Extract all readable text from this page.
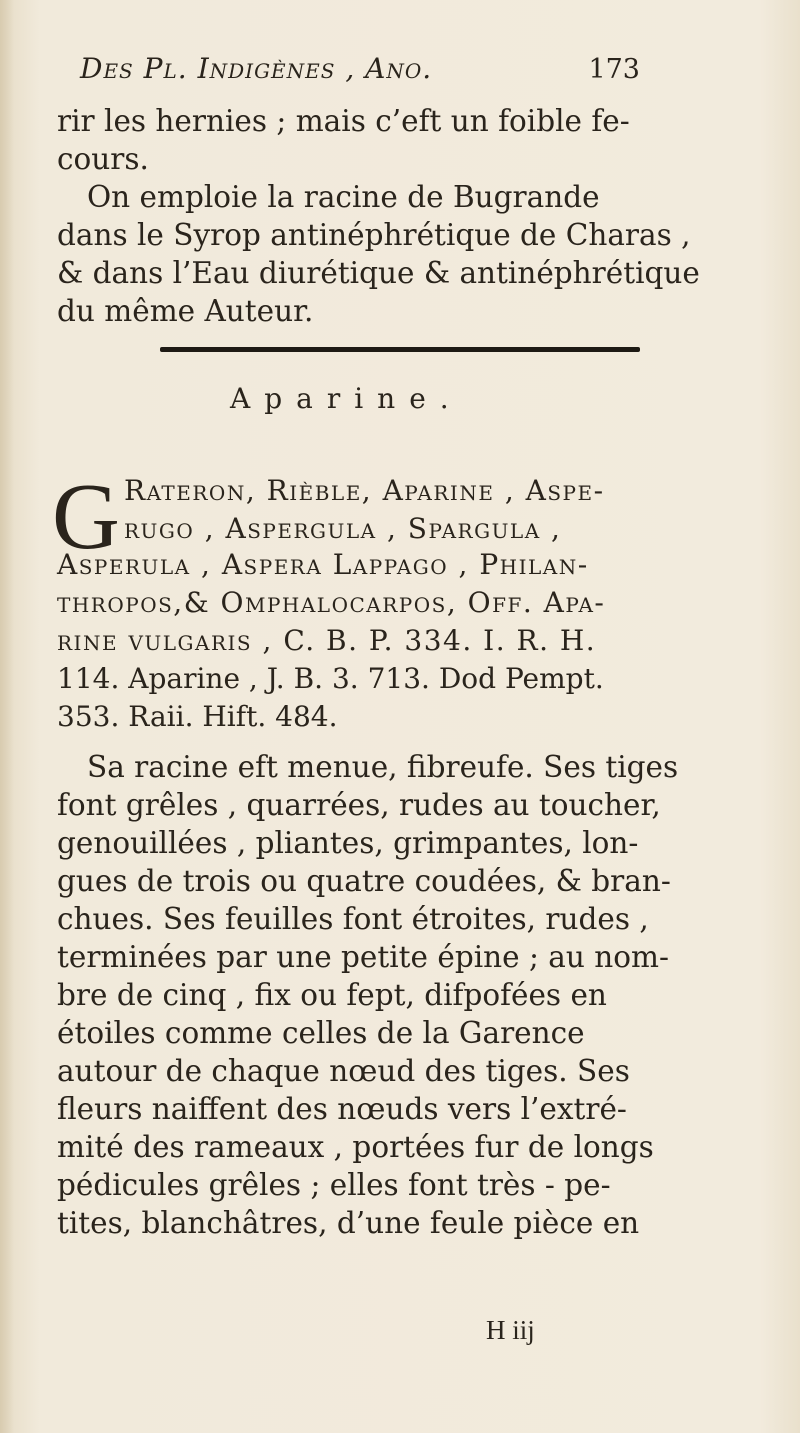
Des Pl. Indigènes , Ano.	173
rir les hernies ; mais c’eft un foible fe-
cours.
On emploie la racine de Bugrande
dans le Syrop antinéphrétique de Charas ,
& dans l’Eau diurétique & antinéphrétique
du même Auteur.
Aparine.
G Rateron, Rièble, Aparine , Aspe-
rugo , Aspergula , Spargula ,
Asperula , Aspera Lappago , Philan-
thropos,& Omphalocarpos, Off. Apa-
rine vulgaris , C. B. P. 334. I. R. H.
114. Aparine , J. B. 3. 713. Dod Pempt.
353. Raii. Hift. 484.
Sa racine eft menue, fibreufe. Ses tiges
font grêles , quarrées, rudes au toucher,
genouillées , pliantes, grimpantes, lon-
gues de trois ou quatre coudées, & bran-
chues. Ses feuilles font étroites, rudes ,
terminées par une petite épine ; au nom-
bre de cinq , fix ou fept, difpofées en
étoiles comme celles de la Garence
autour de chaque nœud des tiges. Ses
fleurs naiffent des nœuds vers l’extré-
mité des rameaux , portées fur de longs
pédicules grêles ; elles font très - pe-
tites, blanchâtres, d’une feule pièce en
H iij
